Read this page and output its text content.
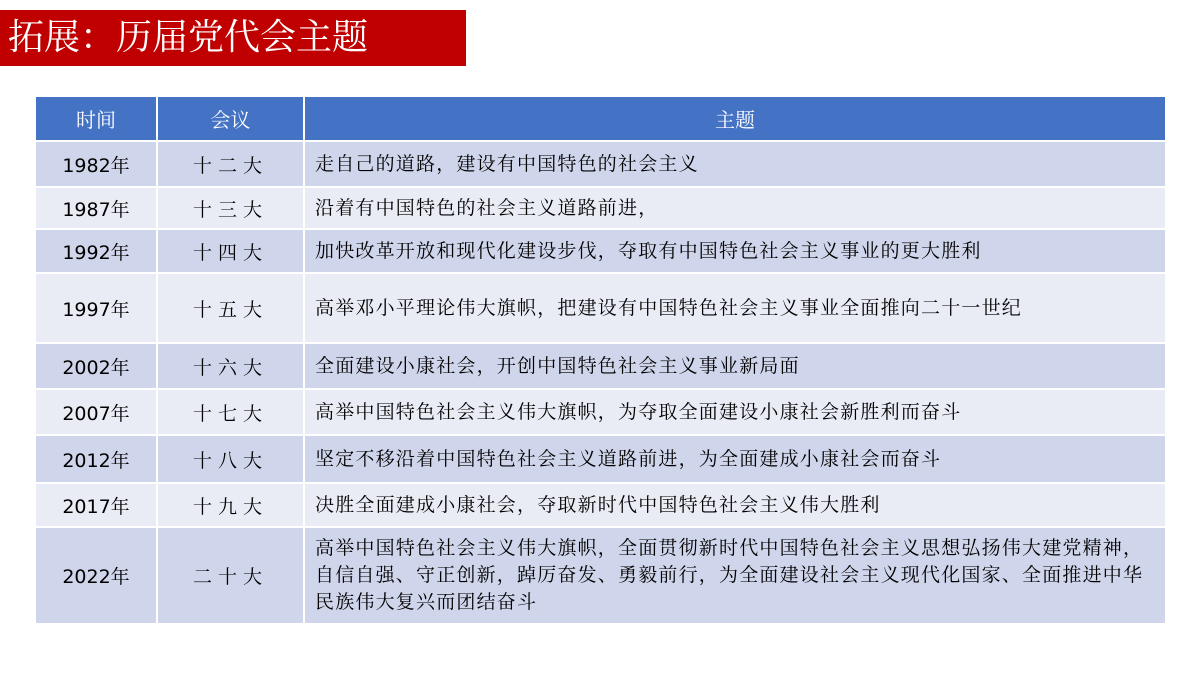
拓展：历届党代会主题
时间	会议	主题
1982年	十二大	走自己的道路，建设有中国特色的社会主义
1987年	十三大	沿着有中国特色的社会主义道路前进，
1992年	十四大	加快改革开放和现代化建设步伐，夺取有中国特色社会主义事业的更大胜利
1997年	十五大	高举邓小平理论伟大旗帜，把建设有中国特色社会主义事业全面推向二十一世纪
2002年	十六大	全面建设小康社会，开创中国特色社会主义事业新局面
2007年	十七大	高举中国特色社会主义伟大旗帜，为夺取全面建设小康社会新胜利而奋斗
2012年	十八大	坚定不移沿着中国特色社会主义道路前进，为全面建成小康社会而奋斗
2017年	十九大	决胜全面建成小康社会，夺取新时代中国特色社会主义伟大胜利
2022年	二十大	高举中国特色社会主义伟大旗帜，全面贯彻新时代中国特色社会主义思想弘扬伟大建党精神，自信自强、守正创新，踔厉奋发、勇毅前行，为全面建设社会主义现代化国家、全面推进中华民族伟大复兴而团结奋斗
